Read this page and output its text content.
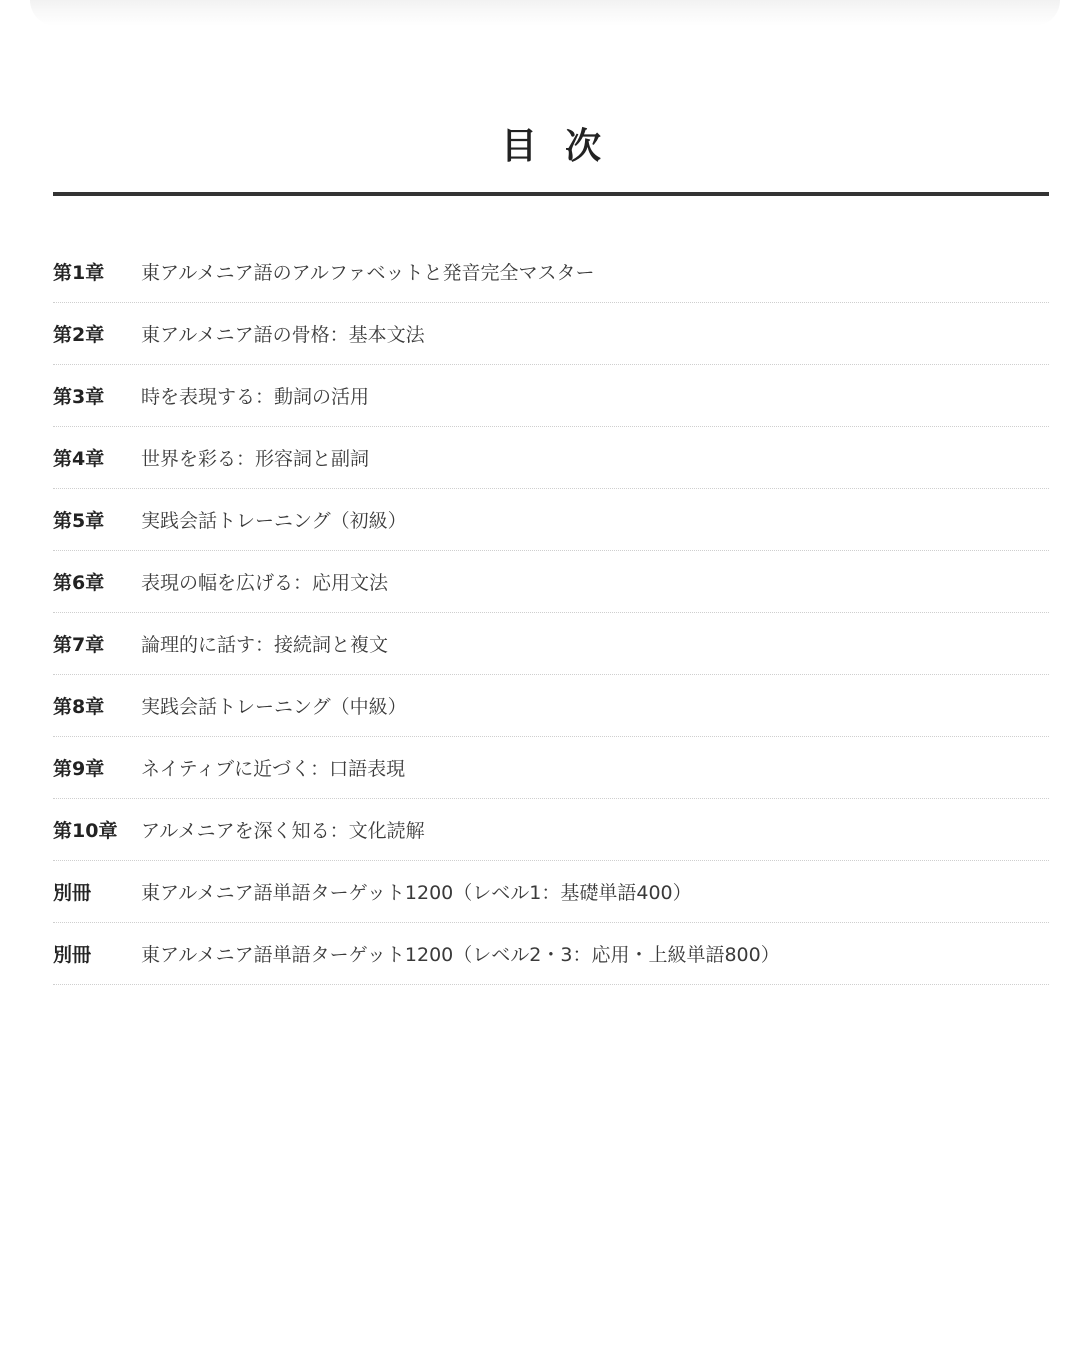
目次
第1章	東アルメニア語のアルファベットと発音完全マスター
第2章	東アルメニア語の骨格：基本文法
第3章	時を表現する：動詞の活用
第4章	世界を彩る：形容詞と副詞
第5章	実践会話トレーニング（初級）
第6章	表現の幅を広げる：応用文法
第7章	論理的に話す：接続詞と複文
第8章	実践会話トレーニング（中級）
第9章	ネイティブに近づく：口語表現
第10章	アルメニアを深く知る：文化読解
別冊	東アルメニア語単語ターゲット1200（レベル1：基礎単語400）
別冊	東アルメニア語単語ターゲット1200（レベル2・3：応用・上級単語800）
